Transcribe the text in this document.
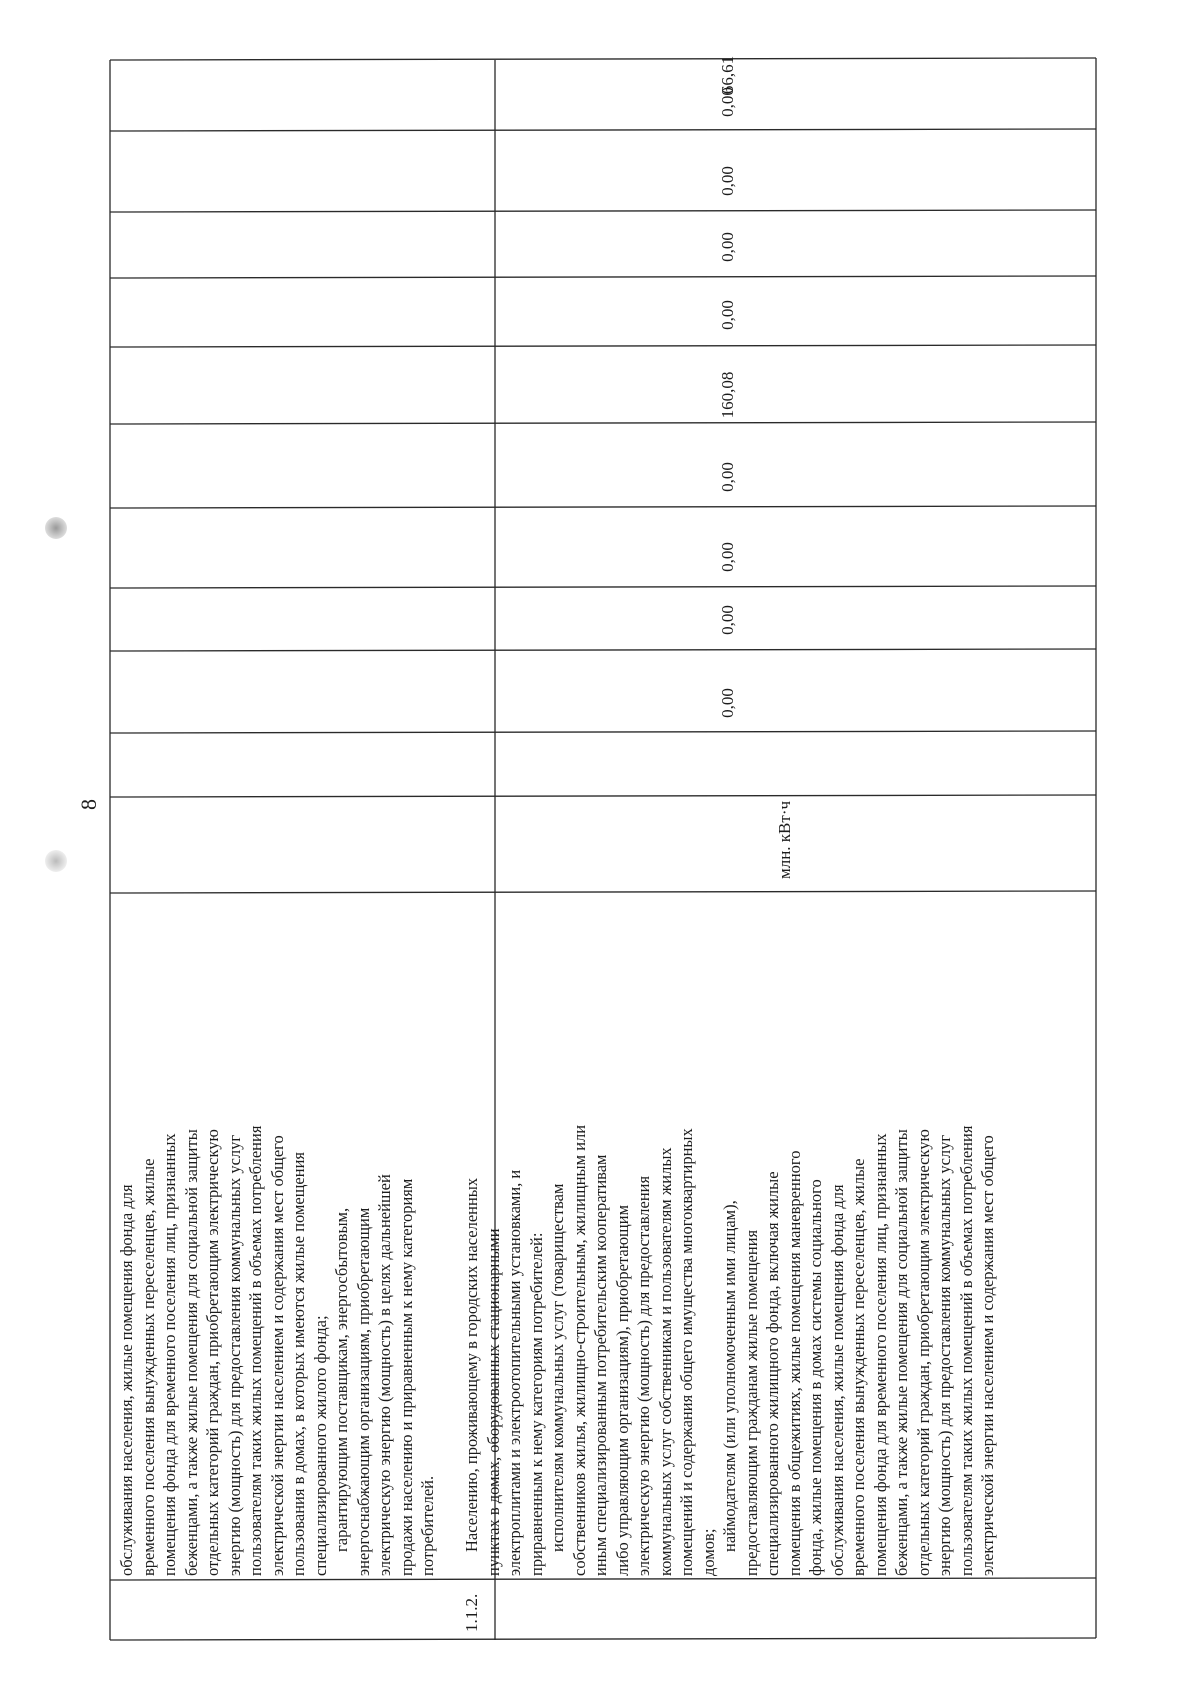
8
обслуживания населения, жилые помещения фонда для временного поселения вынужденных переселенцев, жилые помещения фонда для временного поселения лиц, признанных беженцами, а также жилые помещения для социальной защиты отдельных категорий граждан, приобретающим электрическую энергию (мощность) для предоставления коммунальных услуг пользователям таких жилых помещений в объемах потребления электрической энергии населением и содержания мест общего пользования в домах, в которых имеются жилые помещения специализированного жилого фонда; гарантирующим поставщикам, энергосбытовым, энергоснабжающим организациям, приобретающим электрическую энергию (мощность) в целях дальнейшей продажи населению и приравненным к нему категориям потребителей.
1.1.2.
Населению, проживающему в городских населенных пунктах в домах, оборудованных стационарными электроплитами и электроотопительными установками, и приравненным к нему категориям потребителей: исполнителям коммунальных услуг (товариществам собственников жилья, жилищно-строительным, жилищным или иным специализированным потребительским кооперативам либо управляющим организациям), приобретающим электрическую энергию (мощность) для предоставления коммунальных услуг собственникам и пользователям жилых помещений и содержания общего имущества многоквартирных домов;
наймодателям (или уполномоченным ими лицам), предоставляющим гражданам жилые помещения специализированного жилищного фонда, включая жилые помещения в общежитиях, жилые помещения маневренного фонда, жилые помещения в домах системы социального обслуживания населения, жилые помещения фонда для временного поселения вынужденных переселенцев, жилые помещения фонда для временного поселения лиц, признанных беженцами, а также жилые помещения для социальной защиты отдельных категорий граждан, приобретающим электрическую энергию (мощность) для предоставления коммунальных услуг пользователям таких жилых помещений в объемах потребления электрической энергии населением и содержания мест общего
млн. кВт·ч
0,00
0,00
0,00
0,00
160,08
0,00
0,00
0,00
0,00
66,61
